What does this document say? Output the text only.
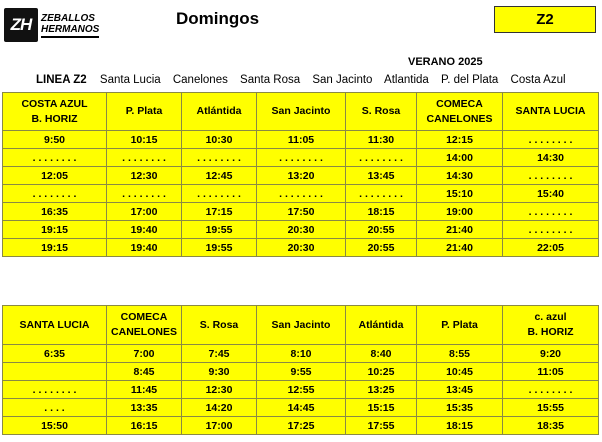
ZH ZEBALLOS
HERMANOS
Domingos	Z2
VERANO 2025
LINEA Z2 Santa Lucia Canelones Santa Rosa San Jacinto Atlantida P. del Plata Costa Azul
COSTA AZUL
B. HORIZ	P. Plata	Atlántida	San Jacinto	S. Rosa	COMECA
CANELONES	SANTA LUCIA

9:50	10:15	10:30	11:05	11:30	12:15	. . . . . . . .
. . . . . . . .	. . . . . . . .	. . . . . . . .	. . . . . . . .	. . . . . . . .	14:00	14:30
12:05	12:30	12:45	13:20	13:45	14:30	. . . . . . . .
. . . . . . . .	. . . . . . . .	. . . . . . . .	. . . . . . . .	. . . . . . . .	15:10	15:40
16:35	17:00	17:15	17:50	18:15	19:00	. . . . . . . .
19:15	19:40	19:55	20:30	20:55	21:40	. . . . . . . .
19:15	19:40	19:55	20:30	20:55	21:40	22:05
SANTA LUCIA	COMECA
CANELONES	S. Rosa	San Jacinto	Atlántida	P. Plata	c. azul
B. HORIZ

6:35	7:00	7:45	8:10	8:40	8:55	9:20
	8:45	9:30	9:55	10:25	10:45	11:05
. . . . . . . .	11:45	12:30	12:55	13:25	13:45	. . . . . . . .
. . . .	13:35	14:20	14:45	15:15	15:35	15:55
15:50	16:15	17:00	17:25	17:55	18:15	18:35
